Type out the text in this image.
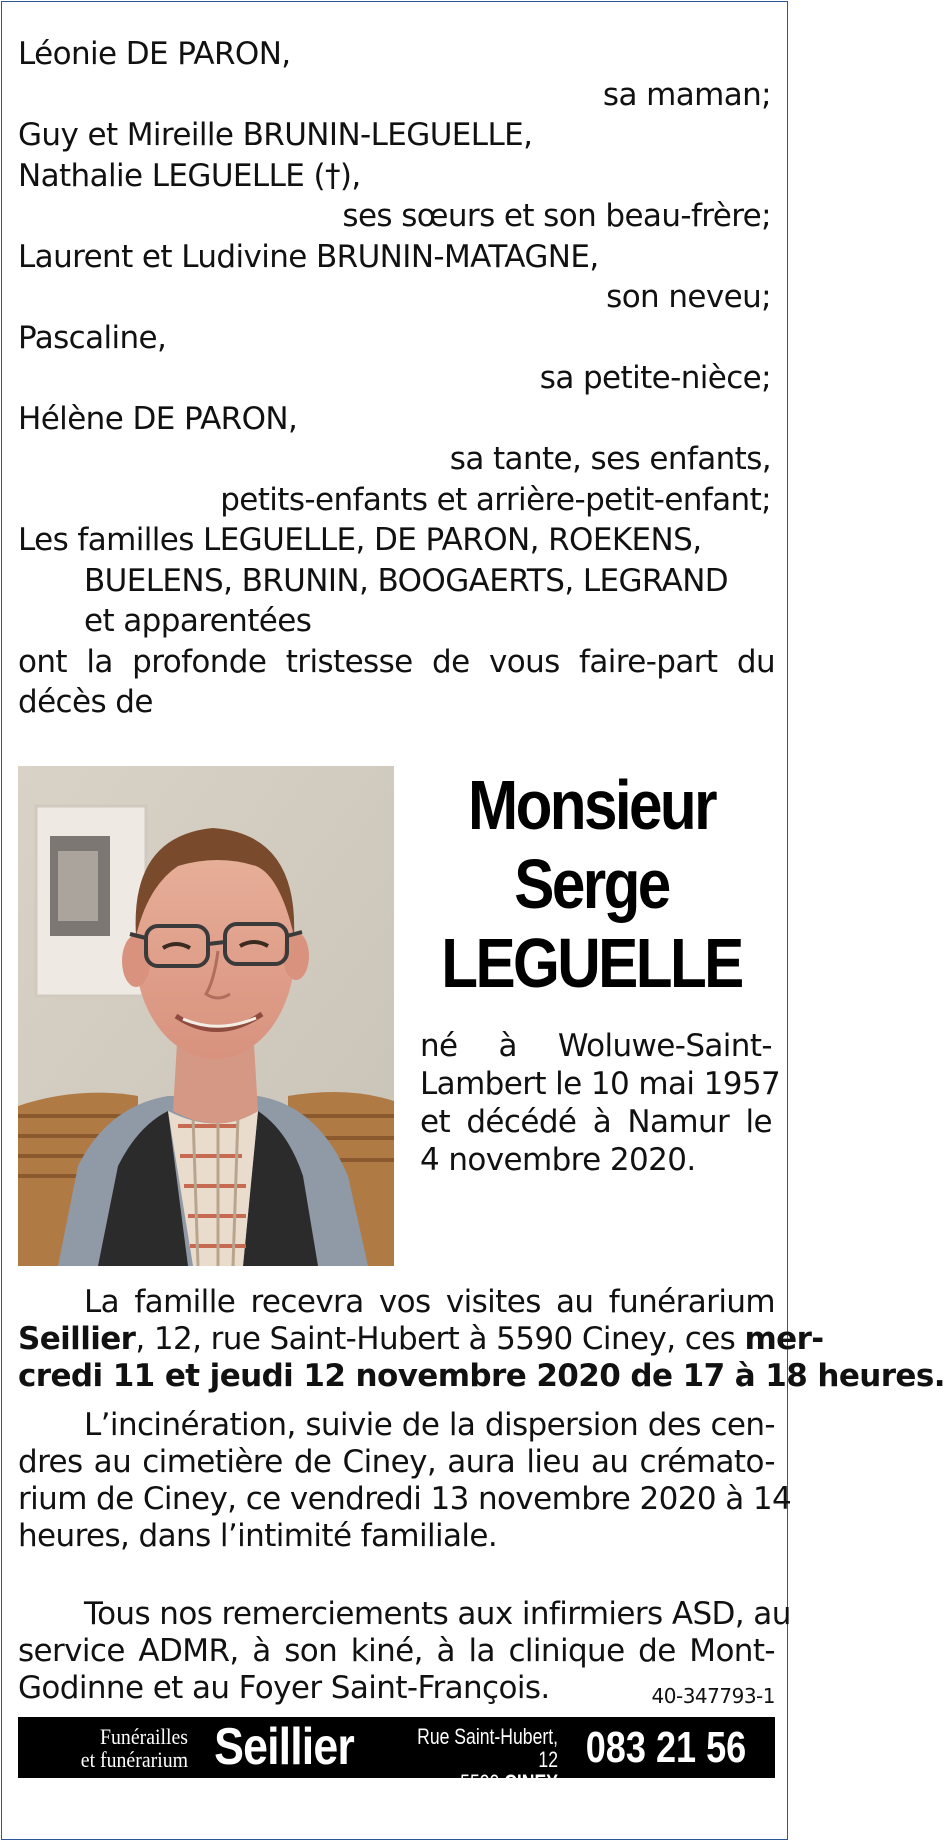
Léonie DE PARON,
sa maman;
Guy et Mireille BRUNIN-LEGUELLE,
Nathalie LEGUELLE (†),
ses sœurs et son beau-frère;
Laurent et Ludivine BRUNIN-MATAGNE,
son neveu;
Pascaline,
sa petite-nièce;
Hélène DE PARON,
sa tante, ses enfants,
petits-enfants et arrière-petit-enfant;
Les familles LEGUELLE, DE PARON, ROEKENS,
BUELENS, BRUNIN, BOOGAERTS, LEGRAND
et apparentées
ont la profonde tristesse de vous faire-part du
décès de
Monsieur
Serge
LEGUELLE
né à Woluwe-Saint-
Lambert le 10 mai 1957
et décédé à Namur le
4 novembre 2020.
La famille recevra vos visites au funérarium
Seillier, 12, rue Saint-Hubert à 5590 Ciney, ces mer-
credi 11 et jeudi 12 novembre 2020 de 17 à 18 heures.
L’incinération, suivie de la dispersion des cen-
dres au cimetière de Ciney, aura lieu au crémato-
rium de Ciney, ce vendredi 13 novembre 2020 à 14
heures, dans l’intimité familiale.
Tous nos remerciements aux infirmiers ASD, au
service ADMR, à son kiné, à la clinique de Mont-
Godinne et au Foyer Saint-François.	40-347793-1
Funérailles
et funérarium Seillier	Rue Saint-Hubert, 12
5590 CINEY
083 21 56 02
